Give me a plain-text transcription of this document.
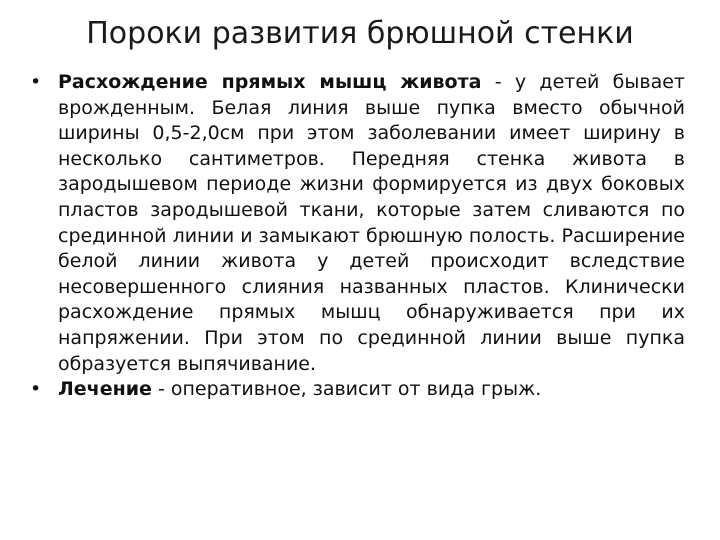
Пороки развития брюшной стенки
• Расхождение прямых мышц живота - у детей бывает врожденным. Белая линия выше пупка вместо обычной ширины 0,5-2,0см при этом заболевании имеет ширину в несколько сантиметров. Передняя стенка живота в зародышевом периоде жизни формируется из двух боковых пластов зародышевой ткани, которые затем сливаются по срединной линии и замыкают брюшную полость. Расширение белой линии живота у детей происходит вследствие несовершенного слияния названных пластов. Клинически расхождение прямых мышц обнаруживается при их напряжении. При этом по срединной линии выше пупка образуется выпячивание.
• Лечение - оперативное, зависит от вида грыж.
